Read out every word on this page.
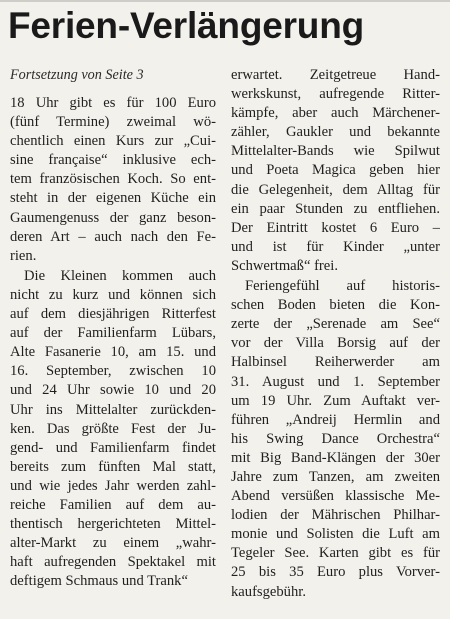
Ferien-Verlängerung
Fortsetzung von Seite 3
18 Uhr gibt es für 100 Euro
(fünf Termine) zweimal wö-
chentlich einen Kurs zur „Cui-
sine française“ inklusive ech-
tem französischen Koch. So ent-
steht in der eigenen Küche ein
Gaumengenuss der ganz beson-
deren Art – auch nach den Fe-
rien.
Die Kleinen kommen auch
nicht zu kurz und können sich
auf dem diesjährigen Ritterfest
auf der Familienfarm Lübars,
Alte Fasanerie 10, am 15. und
16. September, zwischen 10
und 24 Uhr sowie 10 und 20
Uhr ins Mittelalter zurückden-
ken. Das größte Fest der Ju-
gend- und Familienfarm findet
bereits zum fünften Mal statt,
und wie jedes Jahr werden zahl-
reiche Familien auf dem au-
thentisch hergerichteten Mittel-
alter-Markt zu einem „wahr-
haft aufregenden Spektakel mit
deftigem Schmaus und Trank“
erwartet. Zeitgetreue Hand-
werkskunst, aufregende Ritter-
kämpfe, aber auch Märchener-
zähler, Gaukler und bekannte
Mittelalter-Bands wie Spilwut
und Poeta Magica geben hier
die Gelegenheit, dem Alltag für
ein paar Stunden zu entfliehen.
Der Eintritt kostet 6 Euro –
und ist für Kinder „unter
Schwertmaß“ frei.
Feriengefühl auf historis-
schen Boden bieten die Kon-
zerte der „Serenade am See“
vor der Villa Borsig auf der
Halbinsel Reiherwerder am
31. August und 1. September
um 19 Uhr. Zum Auftakt ver-
führen „Andreij Hermlin and
his Swing Dance Orchestra“
mit Big Band-Klängen der 30er
Jahre zum Tanzen, am zweiten
Abend versüßen klassische Me-
lodien der Mährischen Philhar-
monie und Solisten die Luft am
Tegeler See. Karten gibt es für
25 bis 35 Euro plus Vorver-
kaufsgebühr.
